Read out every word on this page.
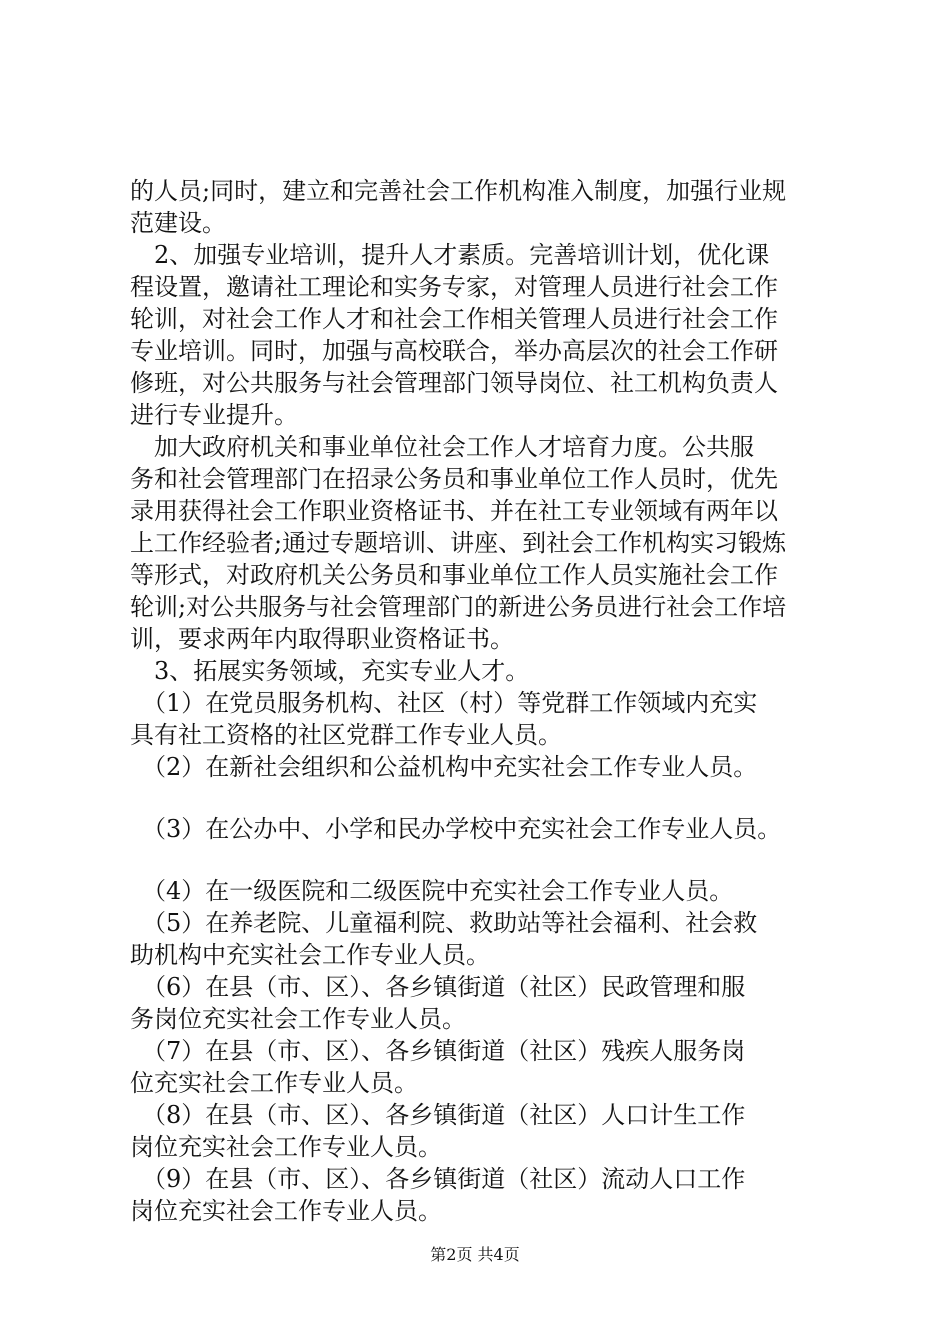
的人员;同时，建立和完善社会工作机构准入制度，加强行业规
范建设。
　2、加强专业培训，提升人才素质。完善培训计划，优化课
程设置，邀请社工理论和实务专家，对管理人员进行社会工作
轮训，对社会工作人才和社会工作相关管理人员进行社会工作
专业培训。同时，加强与高校联合，举办高层次的社会工作研
修班，对公共服务与社会管理部门领导岗位、社工机构负责人
进行专业提升。
　加大政府机关和事业单位社会工作人才培育力度。公共服
务和社会管理部门在招录公务员和事业单位工作人员时，优先
录用获得社会工作职业资格证书、并在社工专业领域有两年以
上工作经验者;通过专题培训、讲座、到社会工作机构实习锻炼
等形式，对政府机关公务员和事业单位工作人员实施社会工作
轮训;对公共服务与社会管理部门的新进公务员进行社会工作培
训，要求两年内取得职业资格证书。
　3、拓展实务领域，充实专业人才。
　（1）在党员服务机构、社区（村）等党群工作领域内充实
具有社工资格的社区党群工作专业人员。
　（2）在新社会组织和公益机构中充实社会工作专业人员。
　（3）在公办中、小学和民办学校中充实社会工作专业人员。
　（4）在一级医院和二级医院中充实社会工作专业人员。
　（5）在养老院、儿童福利院、救助站等社会福利、社会救
助机构中充实社会工作专业人员。
　（6）在县（市、区）、各乡镇街道（社区）民政管理和服
务岗位充实社会工作专业人员。
　（7）在县（市、区）、各乡镇街道（社区）残疾人服务岗
位充实社会工作专业人员。
　（8）在县（市、区）、各乡镇街道（社区）人口计生工作
岗位充实社会工作专业人员。
　（9）在县（市、区）、各乡镇街道（社区）流动人口工作
岗位充实社会工作专业人员。
第2页 共4页
